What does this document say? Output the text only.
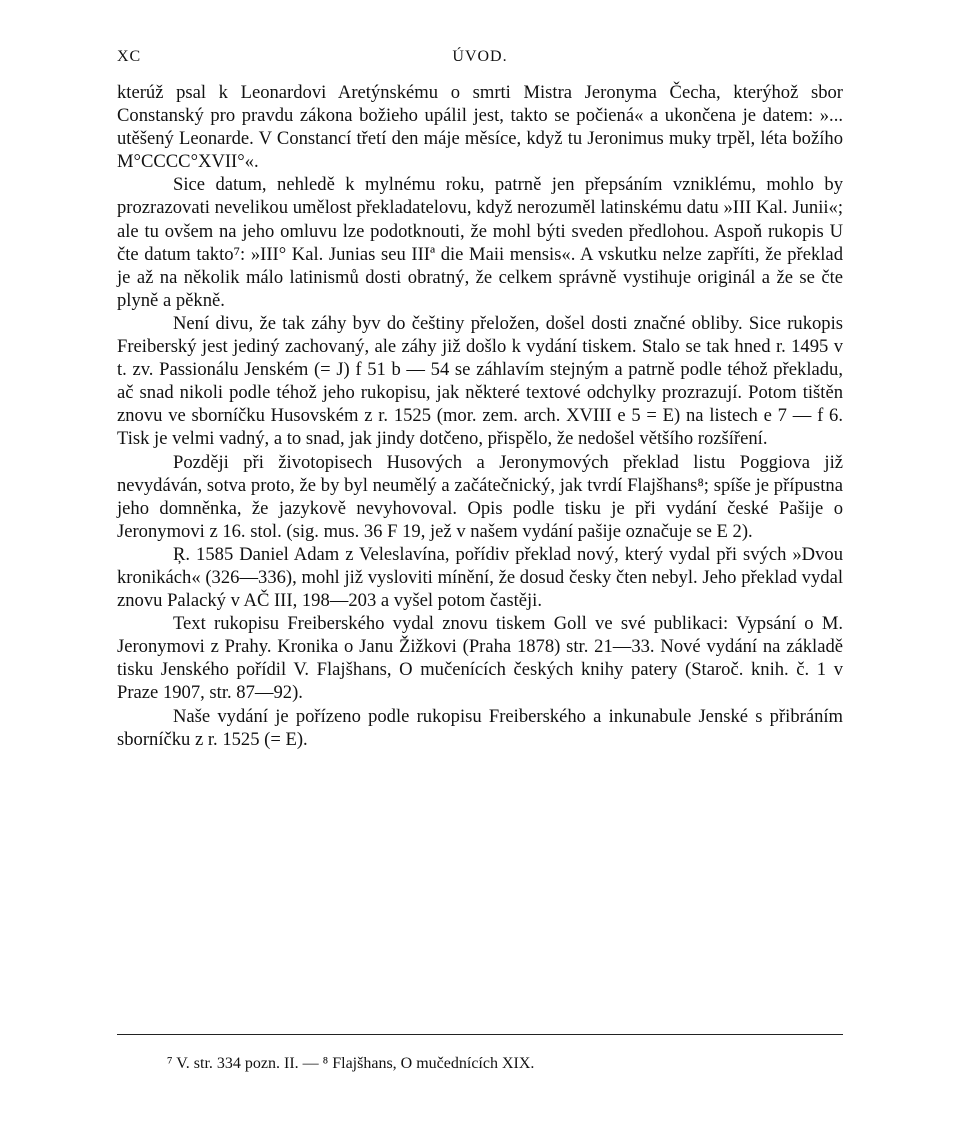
XC	ÚVOD.

kterúž psal k Leonardovi Aretýnskému o smrti Mistra Jeronyma Čecha, kterýhož sbor Constanský pro pravdu zákona božieho upálil jest, takto se počiená« a ukončena je datem: »... utěšený Leonarde. V Constancí třetí den máje měsíce, když tu Jeronimus muky trpěl, léta božího M°CCCC°XVII°«.

Sice datum, nehledě k mylnému roku, patrně jen přepsáním vzniklému, mohlo by prozrazovati nevelikou umělost překladatelovu, když nerozuměl latinskému datu »III Kal. Junii«; ale tu ovšem na jeho omluvu lze podotknouti, že mohl býti sveden předlohou. Aspoň rukopis U čte datum takto⁷: »III° Kal. Junias seu IIIª die Maii mensis«. A vskutku nelze zapříti, že překlad je až na několik málo latinismů dosti obratný, že celkem správně vystihuje originál a že se čte plyně a pěkně.

Není divu, že tak záhy byv do češtiny přeložen, došel dosti značné obliby. Sice rukopis Freiberský jest jediný zachovaný, ale záhy již došlo k vydání tiskem. Stalo se tak hned r. 1495 v t. zv. Passionálu Jenském (= J) f 51 b — 54 se záhlavím stejným a patrně podle téhož překladu, ač snad nikoli podle téhož jeho rukopisu, jak některé textové odchylky prozrazují. Potom tištěn znovu ve sborníčku Husovském z r. 1525 (mor. zem. arch. XVIII e 5 = E) na listech e 7 — f 6. Tisk je velmi vadný, a to snad, jak jindy dotčeno, přispělo, že nedošel většího rozšíření.

Později při životopisech Husových a Jeronymových překlad listu Poggiova již nevydáván, sotva proto, že by byl neumělý a začátečnický, jak tvrdí Flajšhans⁸; spíše je přípustna jeho domněnka, že jazykově nevyhovoval. Opis podle tisku je při vydání české Pašije o Jeronymovi z 16. stol. (sig. mus. 36 F 19, jež v našem vydání pašije označuje se E 2).

Ŗ. 1585 Daniel Adam z Veleslavína, pořídiv překlad nový, který vydal při svých »Dvou kronikách« (326—336), mohl již vysloviti mínění, že dosud česky čten nebyl. Jeho překlad vydal znovu Palacký v AČ III, 198—203 a vyšel potom častěji.

Text rukopisu Freiberského vydal znovu tiskem Goll ve své publikaci: Vypsání o M. Jeronymovi z Prahy. Kronika o Janu Žižkovi (Praha 1878) str. 21—33. Nové vydání na základě tisku Jenského pořídil V. Flajšhans, O mučenících českých knihy patery (Staroč. knih. č. 1 v Praze 1907, str. 87—92).

Naše vydání je pořízeno podle rukopisu Freiberského a inkunabule Jenské s přibráním sborníčku z r. 1525 (= E).

⁷ V. str. 334 pozn. II. — ⁸ Flajšhans, O mučednících XIX.
